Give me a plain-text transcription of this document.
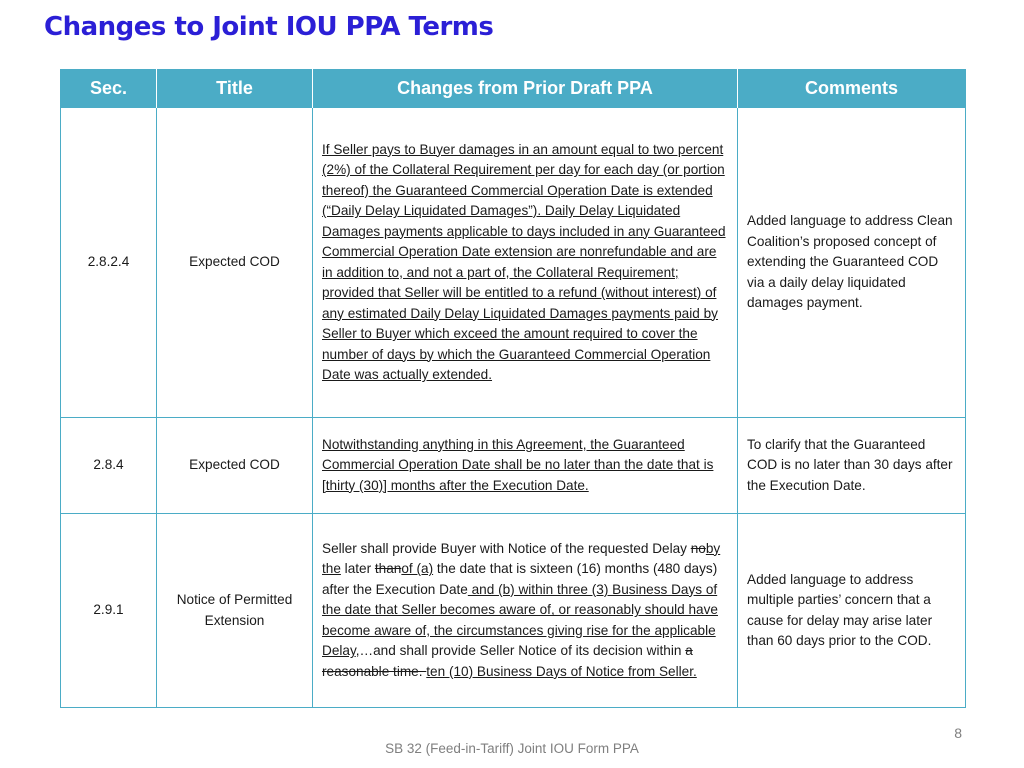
Changes to Joint IOU PPA Terms
Sec.	Title	Changes from Prior Draft PPA	Comments
2.8.2.4	Expected COD	If Seller pays to Buyer damages in an amount equal to two percent (2%) of the Collateral Requirement per day for each day (or portion thereof) the Guaranteed Commercial Operation Date is extended (“Daily Delay Liquidated Damages”). Daily Delay Liquidated Damages payments applicable to days included in any Guaranteed Commercial Operation Date extension are nonrefundable and are in addition to, and not a part of, the Collateral Requirement; provided that Seller will be entitled to a refund (without interest) of any estimated Daily Delay Liquidated Damages payments paid by Seller to Buyer which exceed the amount required to cover the number of days by which the Guaranteed Commercial Operation Date was actually extended.	Added language to address Clean Coalition’s proposed concept of extending the Guaranteed COD via a daily delay liquidated damages payment.
2.8.4	Expected COD	Notwithstanding anything in this Agreement, the Guaranteed Commercial Operation Date shall be no later than the date that is [thirty (30)] months after the Execution Date.	To clarify that the Guaranteed COD is no later than 30 days after the Execution Date.
2.9.1	Notice of Permitted Extension	Seller shall provide Buyer with Notice of the requested Delay noby the later thanof (a) the date that is sixteen (16) months (480 days) after the Execution Date and (b) within three (3) Business Days of the date that Seller becomes aware of, or reasonably should have become aware of, the circumstances giving rise for the applicable Delay,…and shall provide Seller Notice of its decision within a reasonable time. ten (10) Business Days of Notice from Seller.	Added language to address multiple parties’ concern that a cause for delay may arise later than 60 days prior to the COD.
8
SB 32 (Feed-in-Tariff) Joint IOU Form PPA
